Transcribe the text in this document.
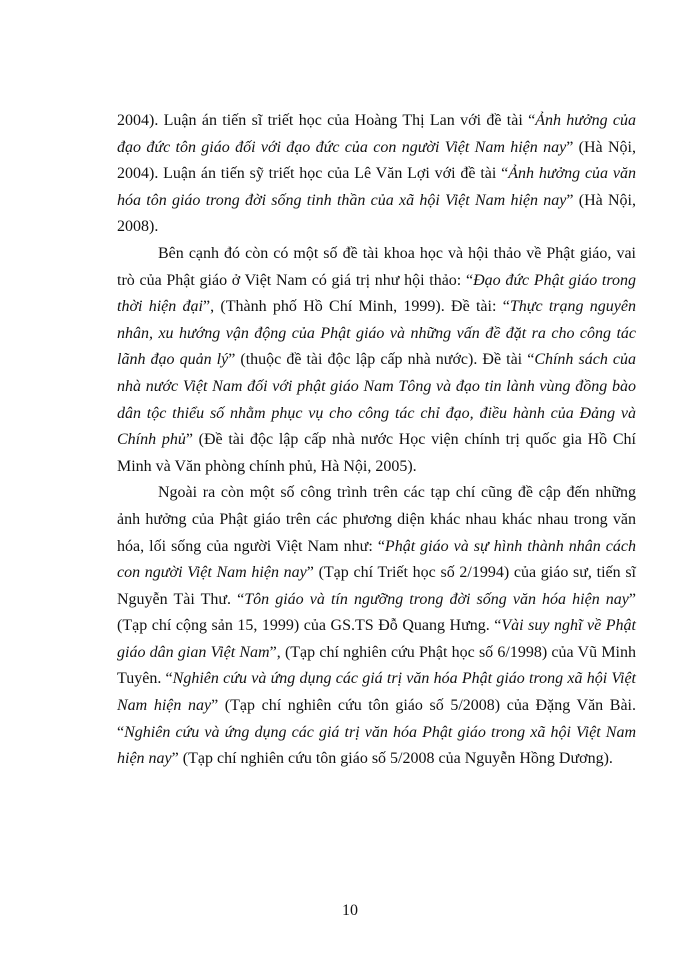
2004). Luận án tiến sĩ triết học của Hoàng Thị Lan với đề tài “Ảnh hưởng của đạo đức tôn giáo đối với đạo đức của con người Việt Nam hiện nay” (Hà Nội, 2004). Luận án tiến sỹ triết học của Lê Văn Lợi với đề tài “Ảnh hưởng của văn hóa tôn giáo trong đời sống tinh thần của xã hội Việt Nam hiện nay” (Hà Nội, 2008).

Bên cạnh đó còn có một số đề tài khoa học và hội thảo về Phật giáo, vai trò của Phật giáo ở Việt Nam có giá trị như hội thảo: “Đạo đức Phật giáo trong thời hiện đại”, (Thành phố Hồ Chí Minh, 1999). Đề tài: “Thực trạng nguyên nhân, xu hướng vận động của Phật giáo và những vấn đề đặt ra cho công tác lãnh đạo quản lý” (thuộc đề tài độc lập cấp nhà nước). Đề tài “Chính sách của nhà nước Việt Nam đối với phật giáo Nam Tông và đạo tin lành vùng đồng bào dân tộc thiểu số nhằm phục vụ cho công tác chỉ đạo, điều hành của Đảng và Chính phủ” (Đề tài độc lập cấp nhà nước Học viện chính trị quốc gia Hồ Chí Minh và Văn phòng chính phủ, Hà Nội, 2005).

Ngoài ra còn một số công trình trên các tạp chí cũng đề cập đến những ảnh hưởng của Phật giáo trên các phương diện khác nhau khác nhau trong văn hóa, lối sống của người Việt Nam như: “Phật giáo và sự hình thành nhân cách con người Việt Nam hiện nay” (Tạp chí Triết học số 2/1994) của giáo sư, tiến sĩ Nguyễn Tài Thư. “Tôn giáo và tín ngưỡng trong đời sống văn hóa hiện nay” (Tạp chí cộng sản 15, 1999) của GS.TS Đỗ Quang Hưng. “Vài suy nghĩ về Phật giáo dân gian Việt Nam”, (Tạp chí nghiên cứu Phật học số 6/1998) của Vũ Minh Tuyên. “Nghiên cứu và ứng dụng các giá trị văn hóa Phật giáo trong xã hội Việt Nam hiện nay” (Tạp chí nghiên cứu tôn giáo số 5/2008) của Đặng Văn Bài. “Nghiên cứu và ứng dụng các giá trị văn hóa Phật giáo trong xã hội Việt Nam hiện nay” (Tạp chí nghiên cứu tôn giáo số 5/2008 của Nguyễn Hồng Dương).

10
